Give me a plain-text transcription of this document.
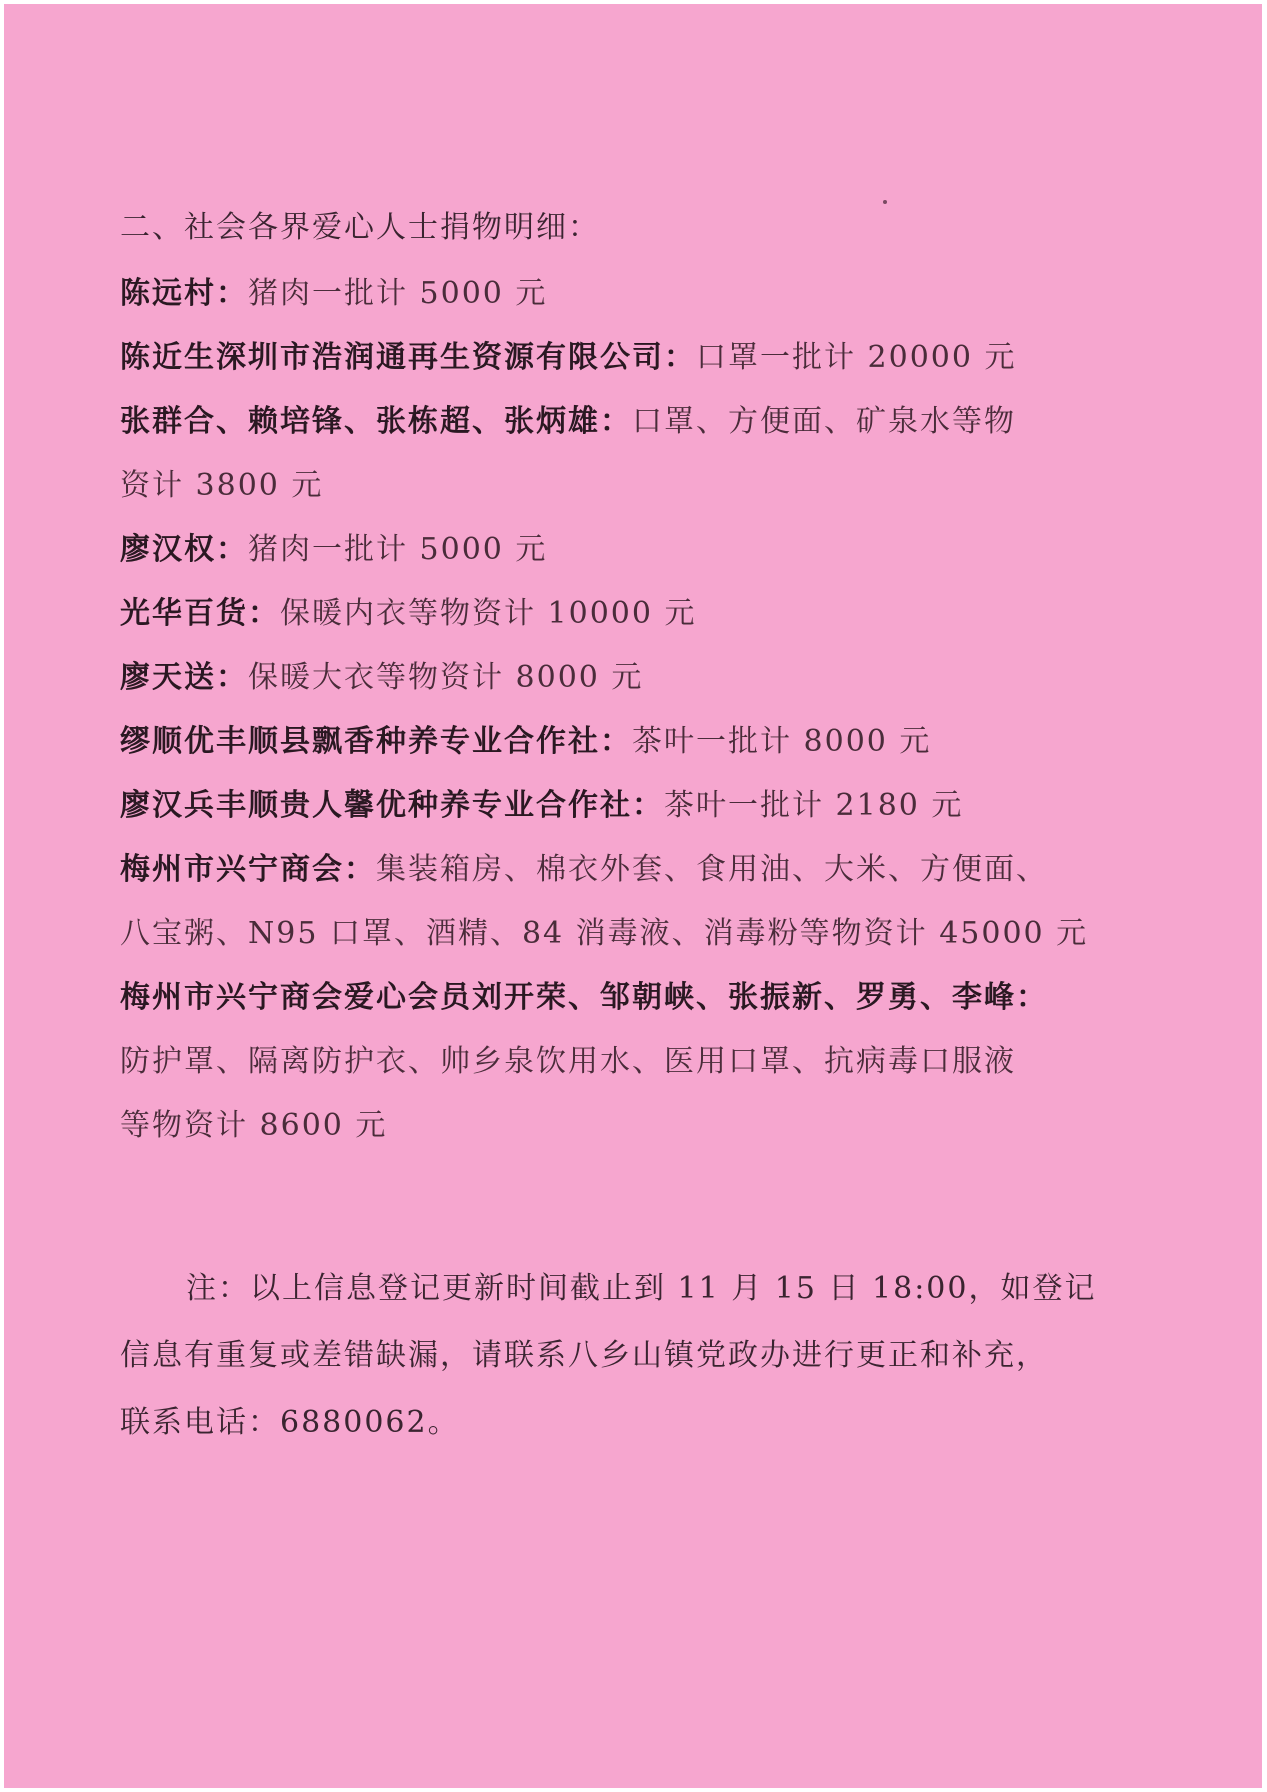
二、社会各界爱心人士捐物明细：
陈远村：猪肉一批计 5000 元
陈近生深圳市浩润通再生资源有限公司：口罩一批计 20000 元
张群合、赖培锋、张栋超、张炳雄：口罩、方便面、矿泉水等物
资计 3800 元
廖汉权：猪肉一批计 5000 元
光华百货：保暖内衣等物资计 10000 元
廖天送：保暖大衣等物资计 8000 元
缪顺优丰顺县飘香种养专业合作社：茶叶一批计 8000 元
廖汉兵丰顺贵人馨优种养专业合作社：茶叶一批计 2180 元
梅州市兴宁商会：集装箱房、棉衣外套、食用油、大米、方便面、
八宝粥、N95 口罩、酒精、84 消毒液、消毒粉等物资计 45000 元
梅州市兴宁商会爱心会员刘开荣、邹朝峡、张振新、罗勇、李峰：
防护罩、隔离防护衣、帅乡泉饮用水、医用口罩、抗病毒口服液
等物资计 8600 元
注：以上信息登记更新时间截止到 11 月 15 日 18:00，如登记
信息有重复或差错缺漏，请联系八乡山镇党政办进行更正和补充，
联系电话：6880062。
